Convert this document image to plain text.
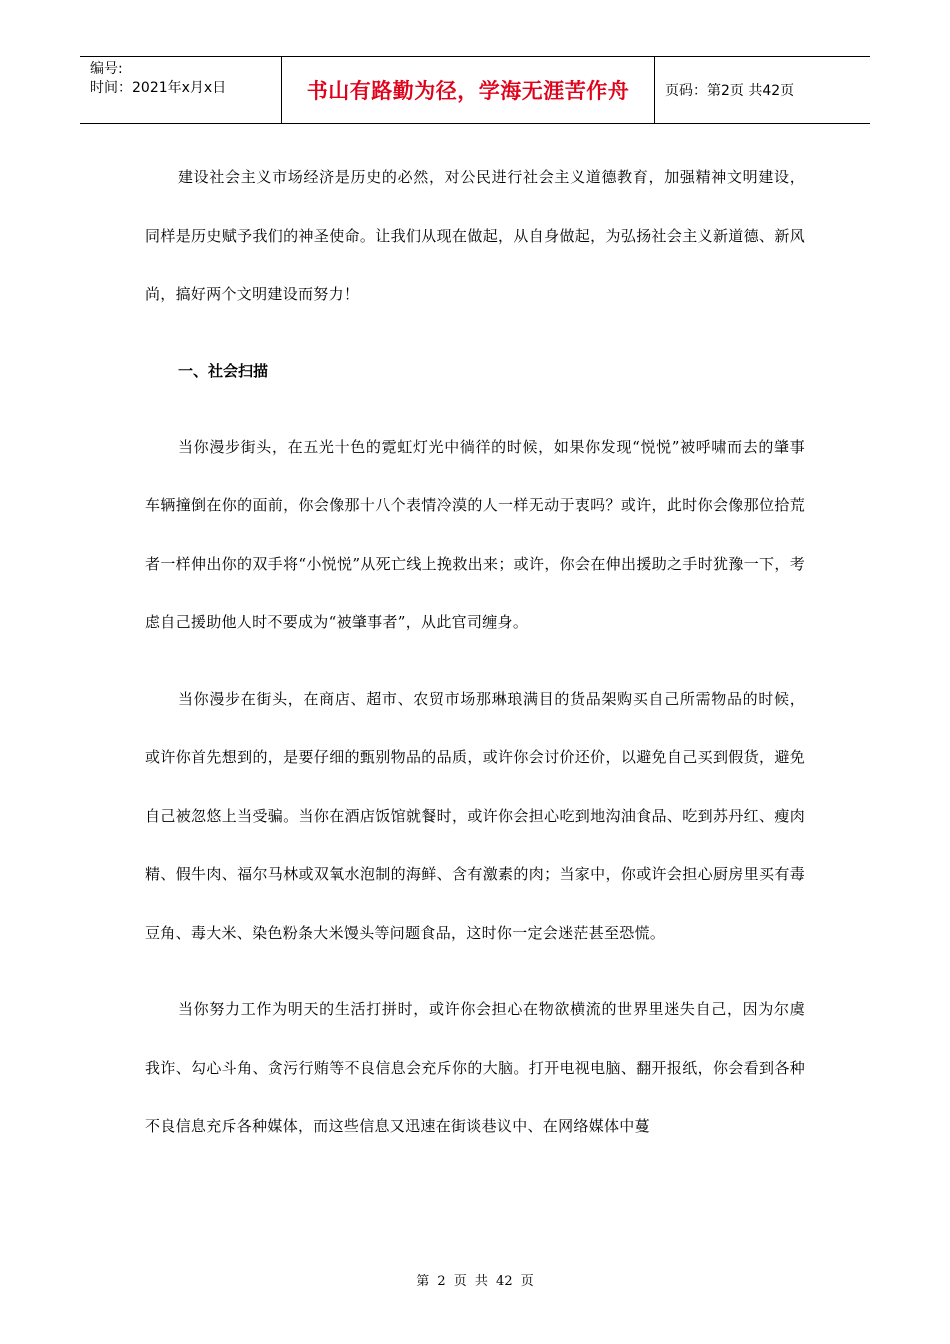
编号:
时间：2021年x月x日	书山有路勤为径，学海无涯苦作舟	页码：第2页 共42页

建设社会主义市场经济是历史的必然，对公民进行社会主义道德教育，加强精神文明建设，同样是历史赋予我们的神圣使命。让我们从现在做起，从自身做起，为弘扬社会主义新道德、新风尚，搞好两个文明建设而努力！

一、社会扫描

当你漫步街头，在五光十色的霓虹灯光中徜徉的时候，如果你发现“悦悦”被呼啸而去的肇事车辆撞倒在你的面前，你会像那十八个表情冷漠的人一样无动于衷吗？或许，此时你会像那位拾荒者一样伸出你的双手将“小悦悦”从死亡线上挽救出来；或许，你会在伸出援助之手时犹豫一下，考虑自己援助他人时不要成为“被肇事者”，从此官司缠身。

当你漫步在街头，在商店、超市、农贸市场那琳琅满目的货品架购买自己所需物品的时候，或许你首先想到的，是要仔细的甄别物品的品质，或许你会讨价还价，以避免自己买到假货，避免自己被忽悠上当受骗。当你在酒店饭馆就餐时，或许你会担心吃到地沟油食品、吃到苏丹红、瘦肉精、假牛肉、福尔马林或双氧水泡制的海鲜、含有激素的肉；当家中，你或许会担心厨房里买有毒豆角、毒大米、染色粉条大米馒头等问题食品，这时你一定会迷茫甚至恐慌。

当你努力工作为明天的生活打拼时，或许你会担心在物欲横流的世界里迷失自己，因为尔虞我诈、勾心斗角、贪污行贿等不良信息会充斥你的大脑。打开电视电脑、翻开报纸，你会看到各种不良信息充斥各种媒体，而这些信息又迅速在街谈巷议中、在网络媒体中蔓

第 2 页 共 42 页
